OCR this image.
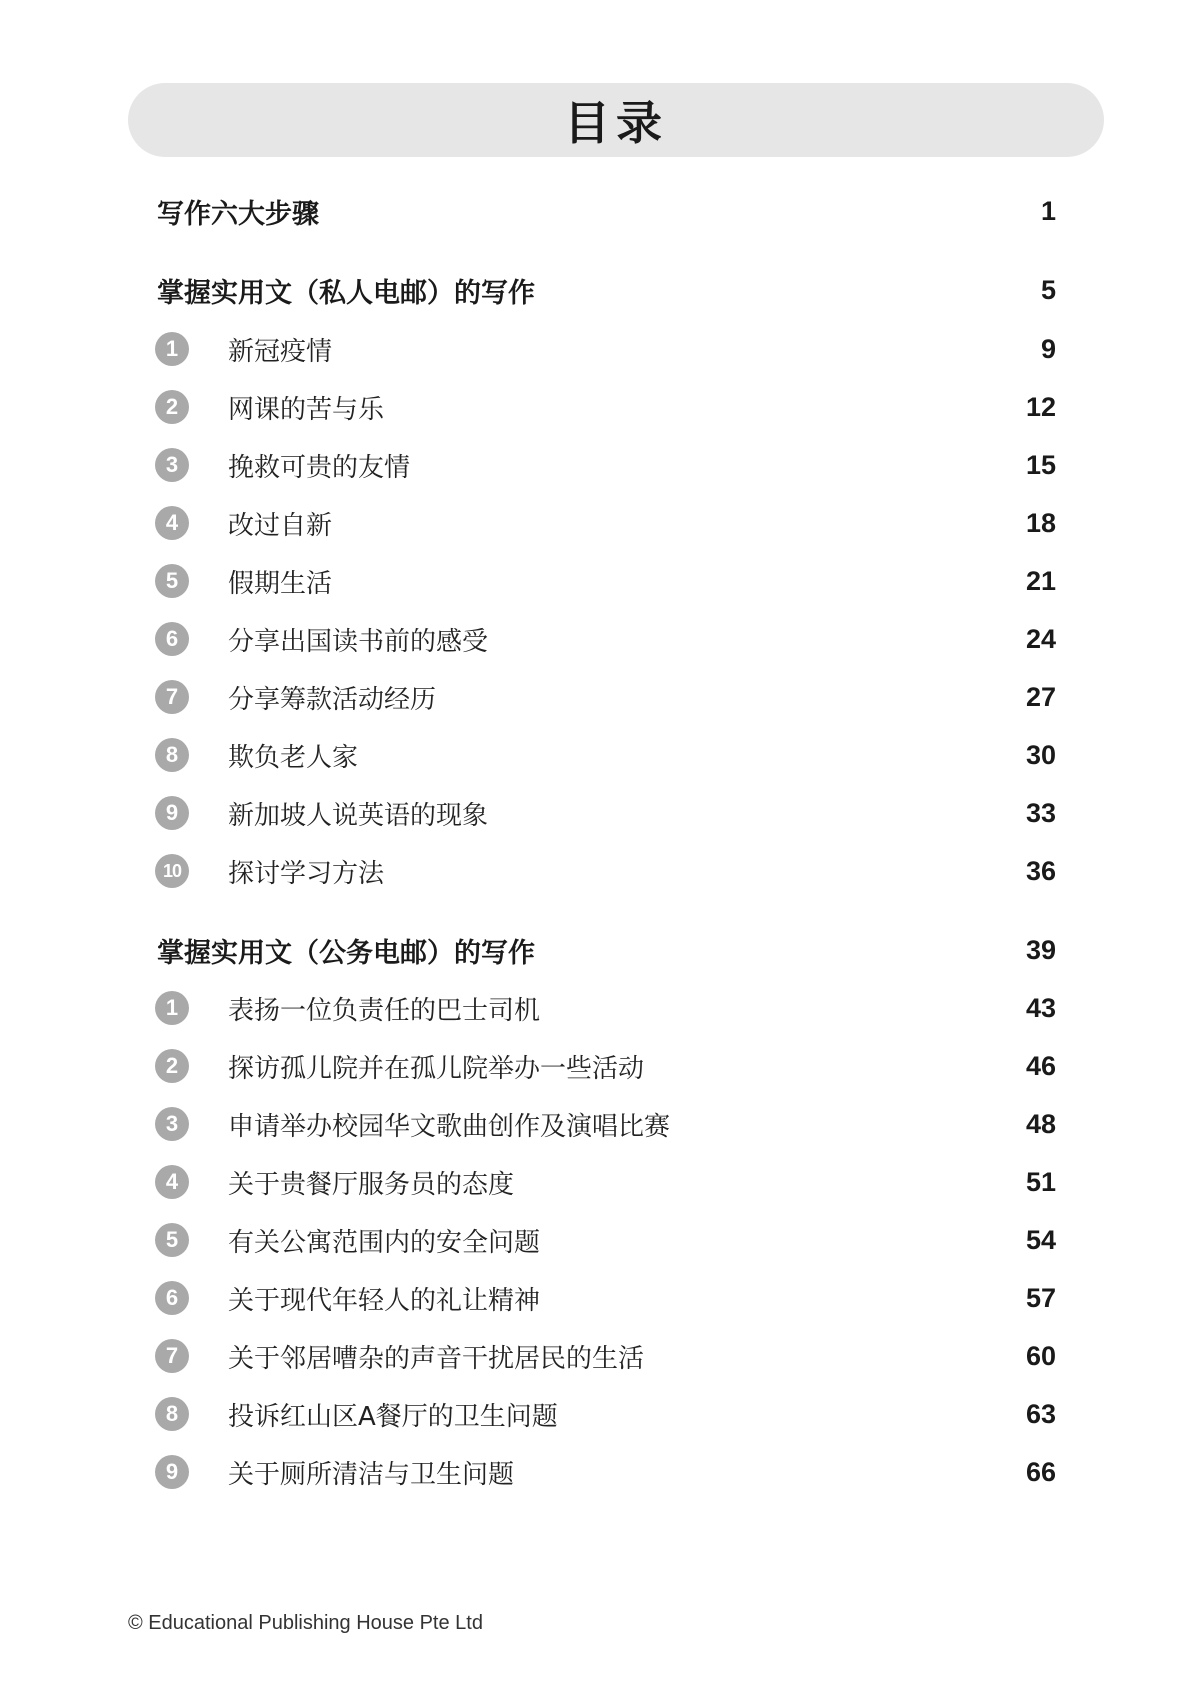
目录
写作六大步骤	1
掌握实用文（私人电邮）的写作	5
1	新冠疫情	9
2	网课的苦与乐	12
3	挽救可贵的友情	15
4	改过自新	18
5	假期生活	21
6	分享出国读书前的感受	24
7	分享筹款活动经历	27
8	欺负老人家	30
9	新加坡人说英语的现象	33
10	探讨学习方法	36
掌握实用文（公务电邮）的写作	39
1	表扬一位负责任的巴士司机	43
2	探访孤儿院并在孤儿院举办一些活动	46
3	申请举办校园华文歌曲创作及演唱比赛	48
4	关于贵餐厅服务员的态度	51
5	有关公寓范围内的安全问题	54
6	关于现代年轻人的礼让精神	57
7	关于邻居嘈杂的声音干扰居民的生活	60
8	投诉红山区A餐厅的卫生问题	63
9	关于厕所清洁与卫生问题	66
© Educational Publishing House Pte Ltd
